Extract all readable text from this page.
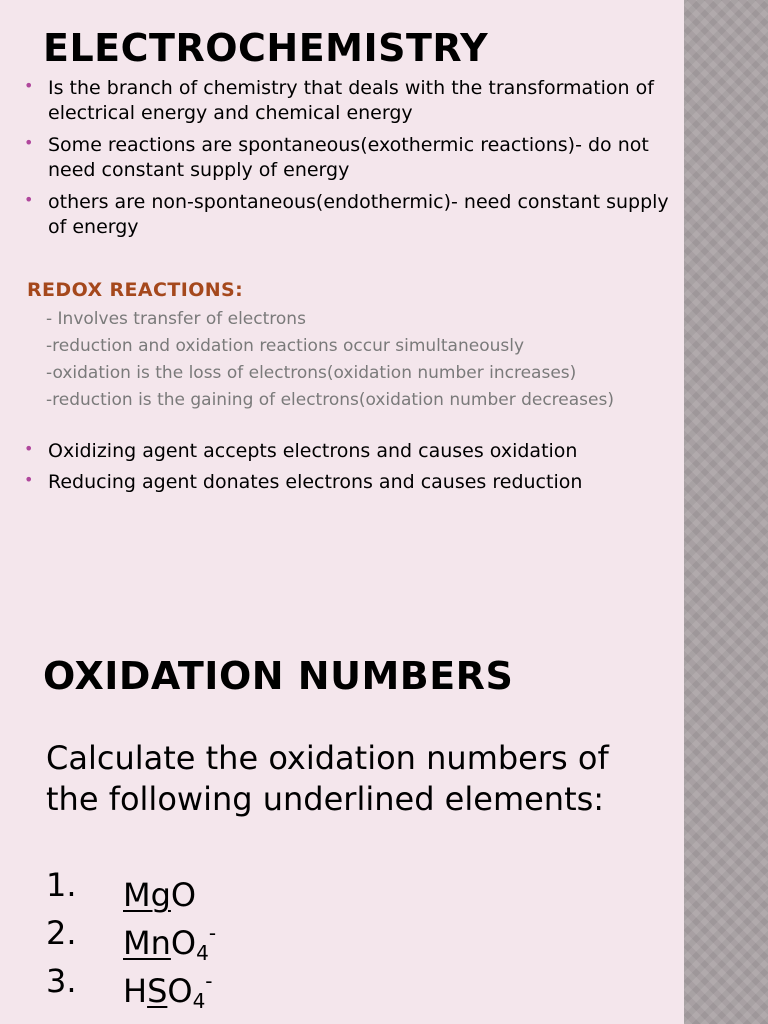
ELECTROCHEMISTRY
• Is the branch of chemistry that deals with the transformation of electrical energy and chemical energy
• Some reactions are spontaneous(exothermic reactions)- do not need constant supply of energy
• others are non-spontaneous(endothermic)- need constant supply of energy
REDOX REACTIONS:
- Involves transfer of electrons
-reduction and oxidation reactions occur simultaneously
-oxidation is the loss of electrons(oxidation number increases)
-reduction is the gaining of electrons(oxidation number decreases)
• Oxidizing agent accepts electrons and causes oxidation
• Reducing agent donates electrons and causes reduction
OXIDATION NUMBERS

Calculate the oxidation numbers of the following underlined elements:

1. MgO
2. MnO$_4$-
3. $HSO_4^-$
